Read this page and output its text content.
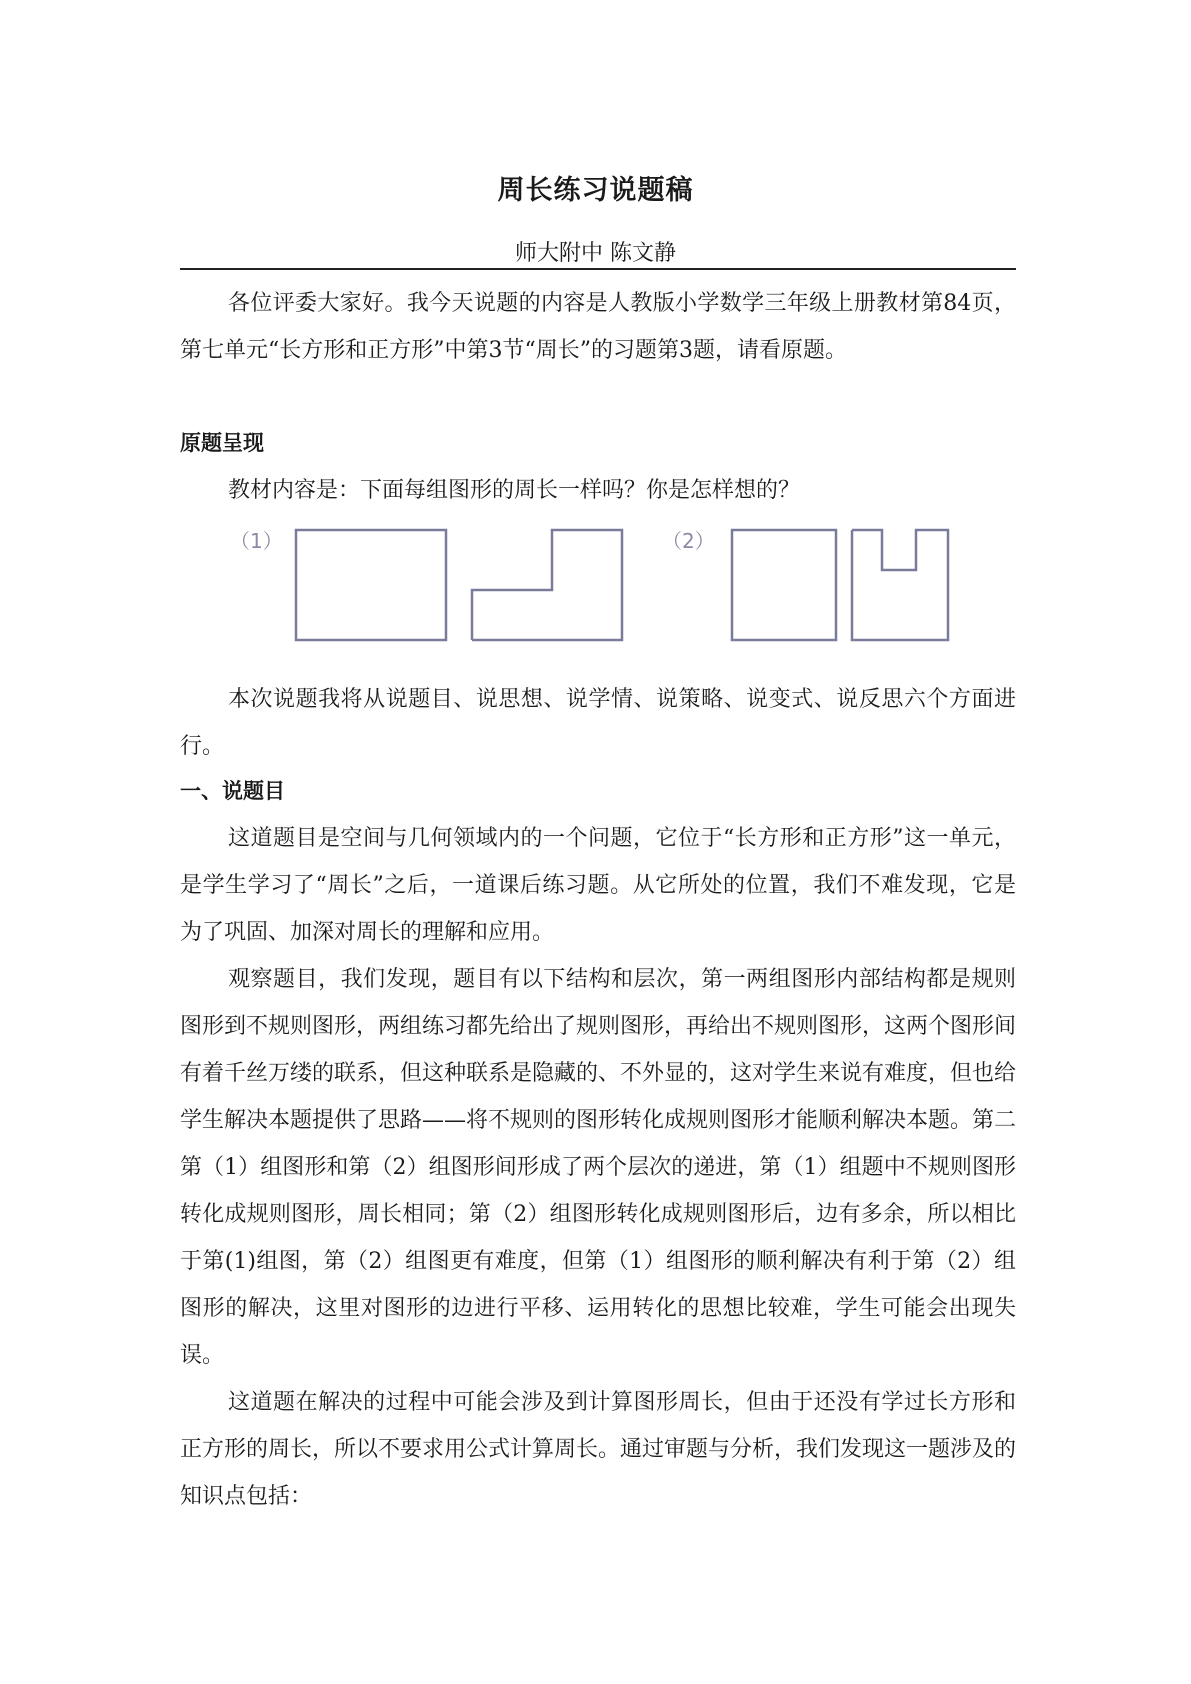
周长练习说题稿
师大附中 陈文静

各位评委大家好。我今天说题的内容是人教版小学数学三年级上册教材第84页，第七单元“长方形和正方形”中第3节“周长”的习题第3题，请看原题。

原题呈现

教材内容是：下面每组图形的周长一样吗？你是怎样想的？

（1）	（2）

本次说题我将从说题目、说思想、说学情、说策略、说变式、说反思六个方面进行。

一、说题目

这道题目是空间与几何领域内的一个问题，它位于“长方形和正方形”这一单元，是学生学习了“周长”之后，一道课后练习题。从它所处的位置，我们不难发现，它是为了巩固、加深对周长的理解和应用。

观察题目，我们发现，题目有以下结构和层次，第一两组图形内部结构都是规则图形到不规则图形，两组练习都先给出了规则图形，再给出不规则图形，这两个图形间有着千丝万缕的联系，但这种联系是隐藏的、不外显的，这对学生来说有难度，但也给学生解决本题提供了思路——将不规则的图形转化成规则图形才能顺利解决本题。第二第（1）组图形和第（2）组图形间形成了两个层次的递进，第（1）组题中不规则图形转化成规则图形，周长相同；第（2）组图形转化成规则图形后，边有多余，所以相比于第(1)组图，第（2）组图更有难度，但第（1）组图形的顺利解决有利于第（2）组图形的解决，这里对图形的边进行平移、运用转化的思想比较难，学生可能会出现失误。

这道题在解决的过程中可能会涉及到计算图形周长，但由于还没有学过长方形和正方形的周长，所以不要求用公式计算周长。通过审题与分析，我们发现这一题涉及的知识点包括：
